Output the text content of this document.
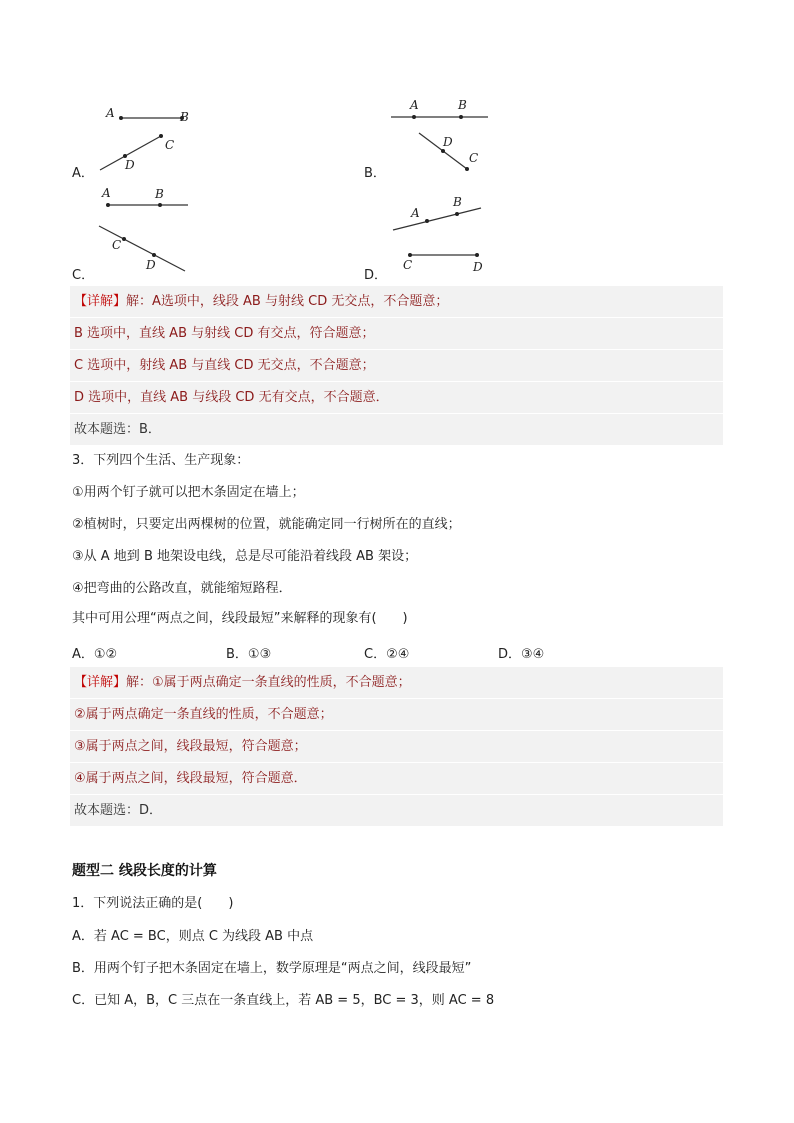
A	B
C
D
A．
A	B
D
C
B．
A	B
C
D
C．
A
B
C	D
D．
【详解】解：A选项中，线段 AB 与射线 CD 无交点，不合题意；
B 选项中，直线 AB 与射线 CD 有交点，符合题意；
C 选项中，射线 AB 与直线 CD 无交点，不合题意；
D 选项中，直线 AB 与线段 CD 无有交点，不合题意．
故本题选：B．
3．下列四个生活、生产现象：
①用两个钉子就可以把木条固定在墙上；
②植树时，只要定出两棵树的位置，就能确定同一行树所在的直线；
③从 A 地到 B 地架设电线，总是尽可能沿着线段 AB 架设；
④把弯曲的公路改直，就能缩短路程．
其中可用公理“两点之间，线段最短”来解释的现象有(　　)
A．①②	B．①③	C．②④	D．③④
【详解】解：①属于两点确定一条直线的性质，不合题意；
②属于两点确定一条直线的性质，不合题意；
③属于两点之间，线段最短，符合题意；
④属于两点之间，线段最短，符合题意．
故本题选：D．
题型二 线段长度的计算
1．下列说法正确的是(　　)
A．若 AC = BC，则点 C 为线段 AB 中点
B．用两个钉子把木条固定在墙上，数学原理是“两点之间，线段最短”
C．已知 A，B，C 三点在一条直线上，若 AB = 5，BC = 3，则 AC = 8
